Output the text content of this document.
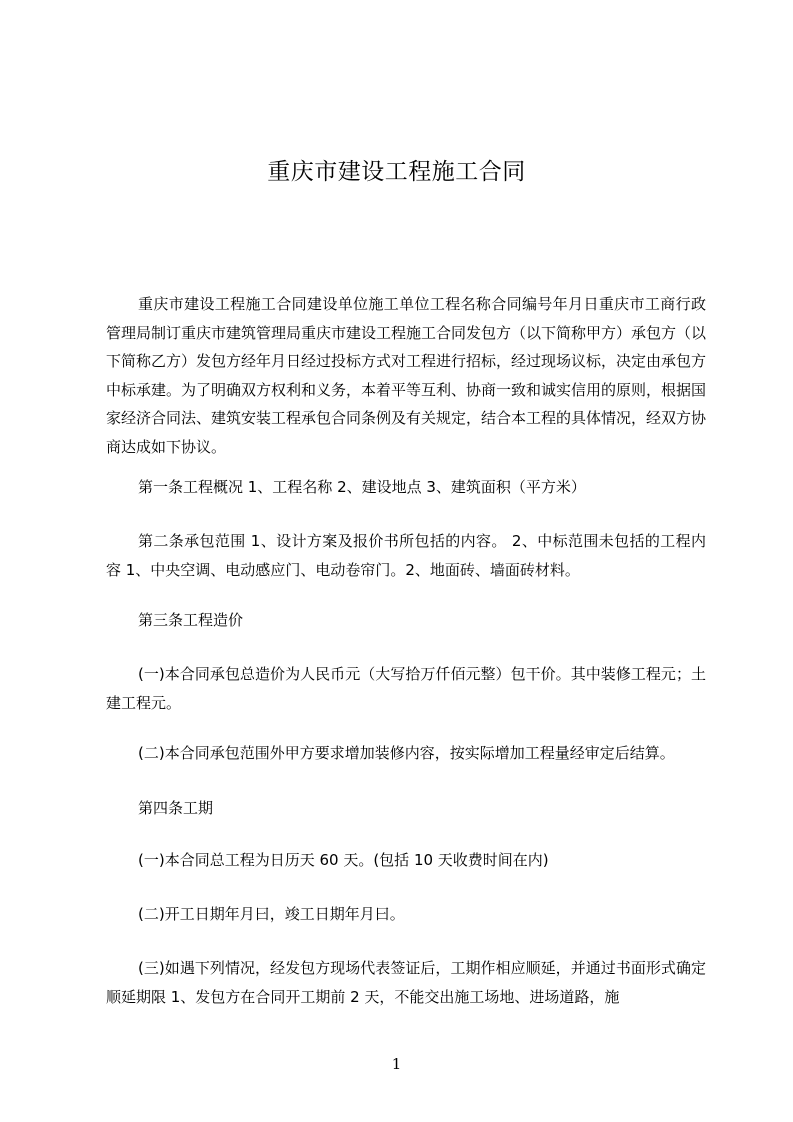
重庆市建设工程施工合同

重庆市建设工程施工合同建设单位施工单位工程名称合同编号年月日重庆市工商行政管理局制订重庆市建筑管理局重庆市建设工程施工合同发包方（以下简称甲方）承包方（以下简称乙方）发包方经年月日经过投标方式对工程进行招标，经过现场议标，决定由承包方中标承建。为了明确双方权利和义务，本着平等互利、协商一致和诚实信用的原则，根据国家经济合同法、建筑安装工程承包合同条例及有关规定，结合本工程的具体情况，经双方协商达成如下协议。

第一条工程概况 1、工程名称 2、建设地点 3、建筑面积（平方米）

第二条承包范围 1、设计方案及报价书所包括的内容。 2、中标范围未包括的工程内容 1、中央空调、电动感应门、电动卷帘门。2、地面砖、墙面砖材料。

第三条工程造价

(一)本合同承包总造价为人民币元（大写拾万仟佰元整）包干价。其中装修工程元；土建工程元。

(二)本合同承包范围外甲方要求增加装修内容，按实际增加工程量经审定后结算。

第四条工期

(一)本合同总工程为日历天 60 天。(包括 10 天收费时间在内)

(二)开工日期年月曰，竣工日期年月曰。

(三)如遇下列情况，经发包方现场代表签证后，工期作相应顺延，并通过书面形式确定顺延期限 1、发包方在合同开工期前 2 天，不能交出施工场地、进场道路，施

1
